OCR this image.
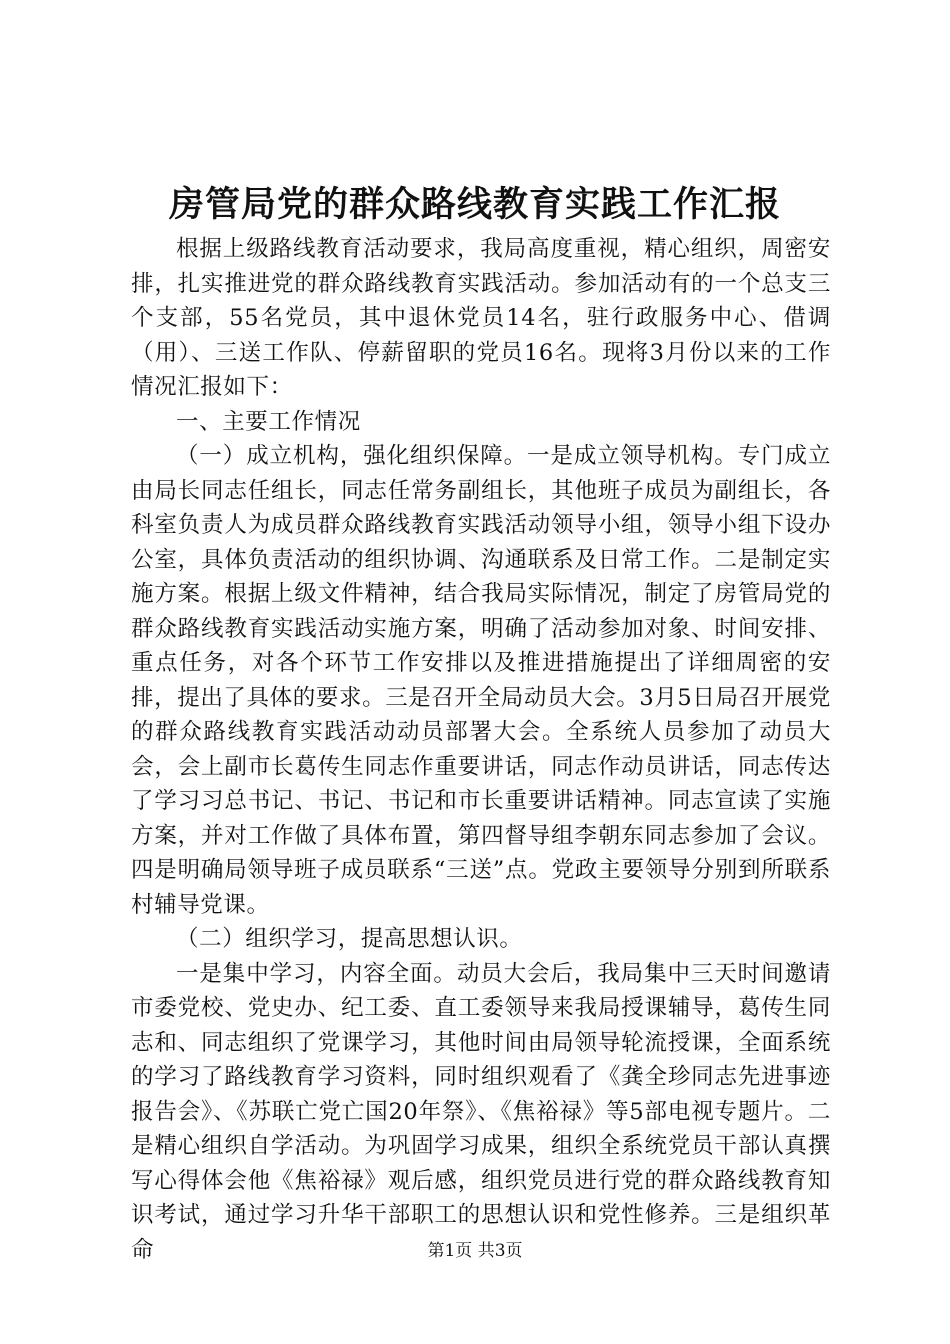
房管局党的群众路线教育实践工作汇报

根据上级路线教育活动要求，我局高度重视，精心组织，周密安排，扎实推进党的群众路线教育实践活动。参加活动有的一个总支三个支部，55名党员，其中退休党员14名，驻行政服务中心、借调（用）、三送工作队、停薪留职的党员16名。现将3月份以来的工作情况汇报如下：

一、主要工作情况

（一）成立机构，强化组织保障。一是成立领导机构。专门成立由局长同志任组长，同志任常务副组长，其他班子成员为副组长，各科室负责人为成员群众路线教育实践活动领导小组，领导小组下设办公室，具体负责活动的组织协调、沟通联系及日常工作。二是制定实施方案。根据上级文件精神，结合我局实际情况，制定了房管局党的群众路线教育实践活动实施方案，明确了活动参加对象、时间安排、重点任务，对各个环节工作安排以及推进措施提出了详细周密的安排，提出了具体的要求。三是召开全局动员大会。3月5日局召开展党的群众路线教育实践活动动员部署大会。全系统人员参加了动员大会，会上副市长葛传生同志作重要讲话，同志作动员讲话，同志传达了学习习总书记、书记、书记和市长重要讲话精神。同志宣读了实施方案，并对工作做了具体布置，第四督导组李朝东同志参加了会议。四是明确局领导班子成员联系“三送”点。党政主要领导分别到所联系村辅导党课。

（二）组织学习，提高思想认识。

一是集中学习，内容全面。动员大会后，我局集中三天时间邀请市委党校、党史办、纪工委、直工委领导来我局授课辅导，葛传生同志和、同志组织了党课学习，其他时间由局领导轮流授课，全面系统的学习了路线教育学习资料，同时组织观看了《龚全珍同志先进事迹报告会》、《苏联亡党亡国20年祭》、《焦裕禄》等5部电视专题片。二是精心组织自学活动。为巩固学习成果，组织全系统党员干部认真撰写心得体会他《焦裕禄》观后感，组织党员进行党的群众路线教育知识考试，通过学习升华干部职工的思想认识和党性修养。三是组织革命	第1页 共3页
